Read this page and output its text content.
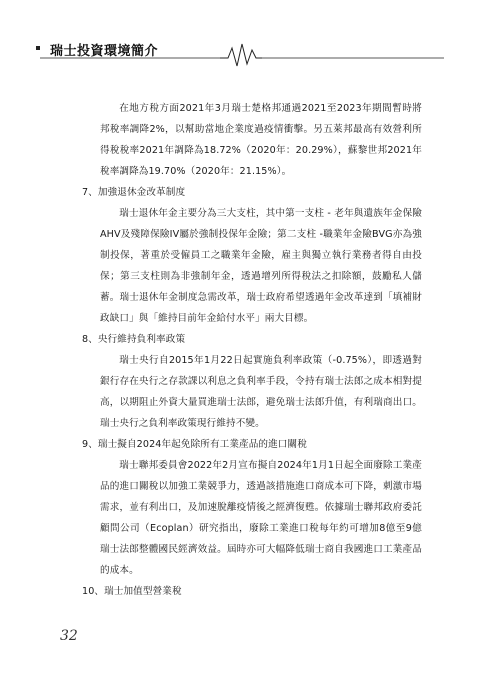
瑞士投資環境簡介

在地方稅方面2021年3月瑞士楚格邦通過2021至2023年期間暫時將邦稅率調降2%，以幫助當地企業度過疫情衝擊。另五萊邦最高有效營利所得稅稅率2021年調降為18.72%（2020年：20.29%），蘇黎世邦2021年稅率調降為19.70%（2020年：21.15%）。

7、加強退休金改革制度

瑞士退休年金主要分為三大支柱，其中第一支柱 - 老年與遺族年金保險AHV及殘障保險IV屬於強制投保年金險；第二支柱 -職業年金險BVG亦為強制投保，著重於受僱員工之職業年金險，雇主與獨立執行業務者得自由投保；第三支柱則為非強制年金，透過增列所得稅法之扣除額，鼓勵私人儲蓄。瑞士退休年金制度急需改革，瑞士政府希望透過年金改革達到「填補財政缺口」與「維持目前年金給付水平」兩大目標。

8、央行維持負利率政策

瑞士央行自2015年1月22日起實施負利率政策（-0.75%），即透過對銀行存在央行之存款課以利息之負利率手段，令持有瑞士法郎之成本相對提高，以期阻止外資大量買進瑞士法郎，避免瑞士法郎升值，有利瑞商出口。瑞士央行之負利率政策現行維持不變。

9、瑞士擬自2024年起免除所有工業產品的進口關稅

瑞士聯邦委員會2022年2月宣布擬自2024年1月1日起全面廢除工業產品的進口關稅以加強工業競爭力，透過該措施進口商成本可下降，刺激市場需求，並有利出口，及加速脫離疫情後之經濟復甦。依據瑞士聯邦政府委託顧問公司（Ecoplan）研究指出，廢除工業進口稅每年約可增加8億至9億瑞士法郎整體國民經濟效益。屆時亦可大幅降低瑞士商自我國進口工業產品的成本。

10、瑞士加值型營業稅

32
